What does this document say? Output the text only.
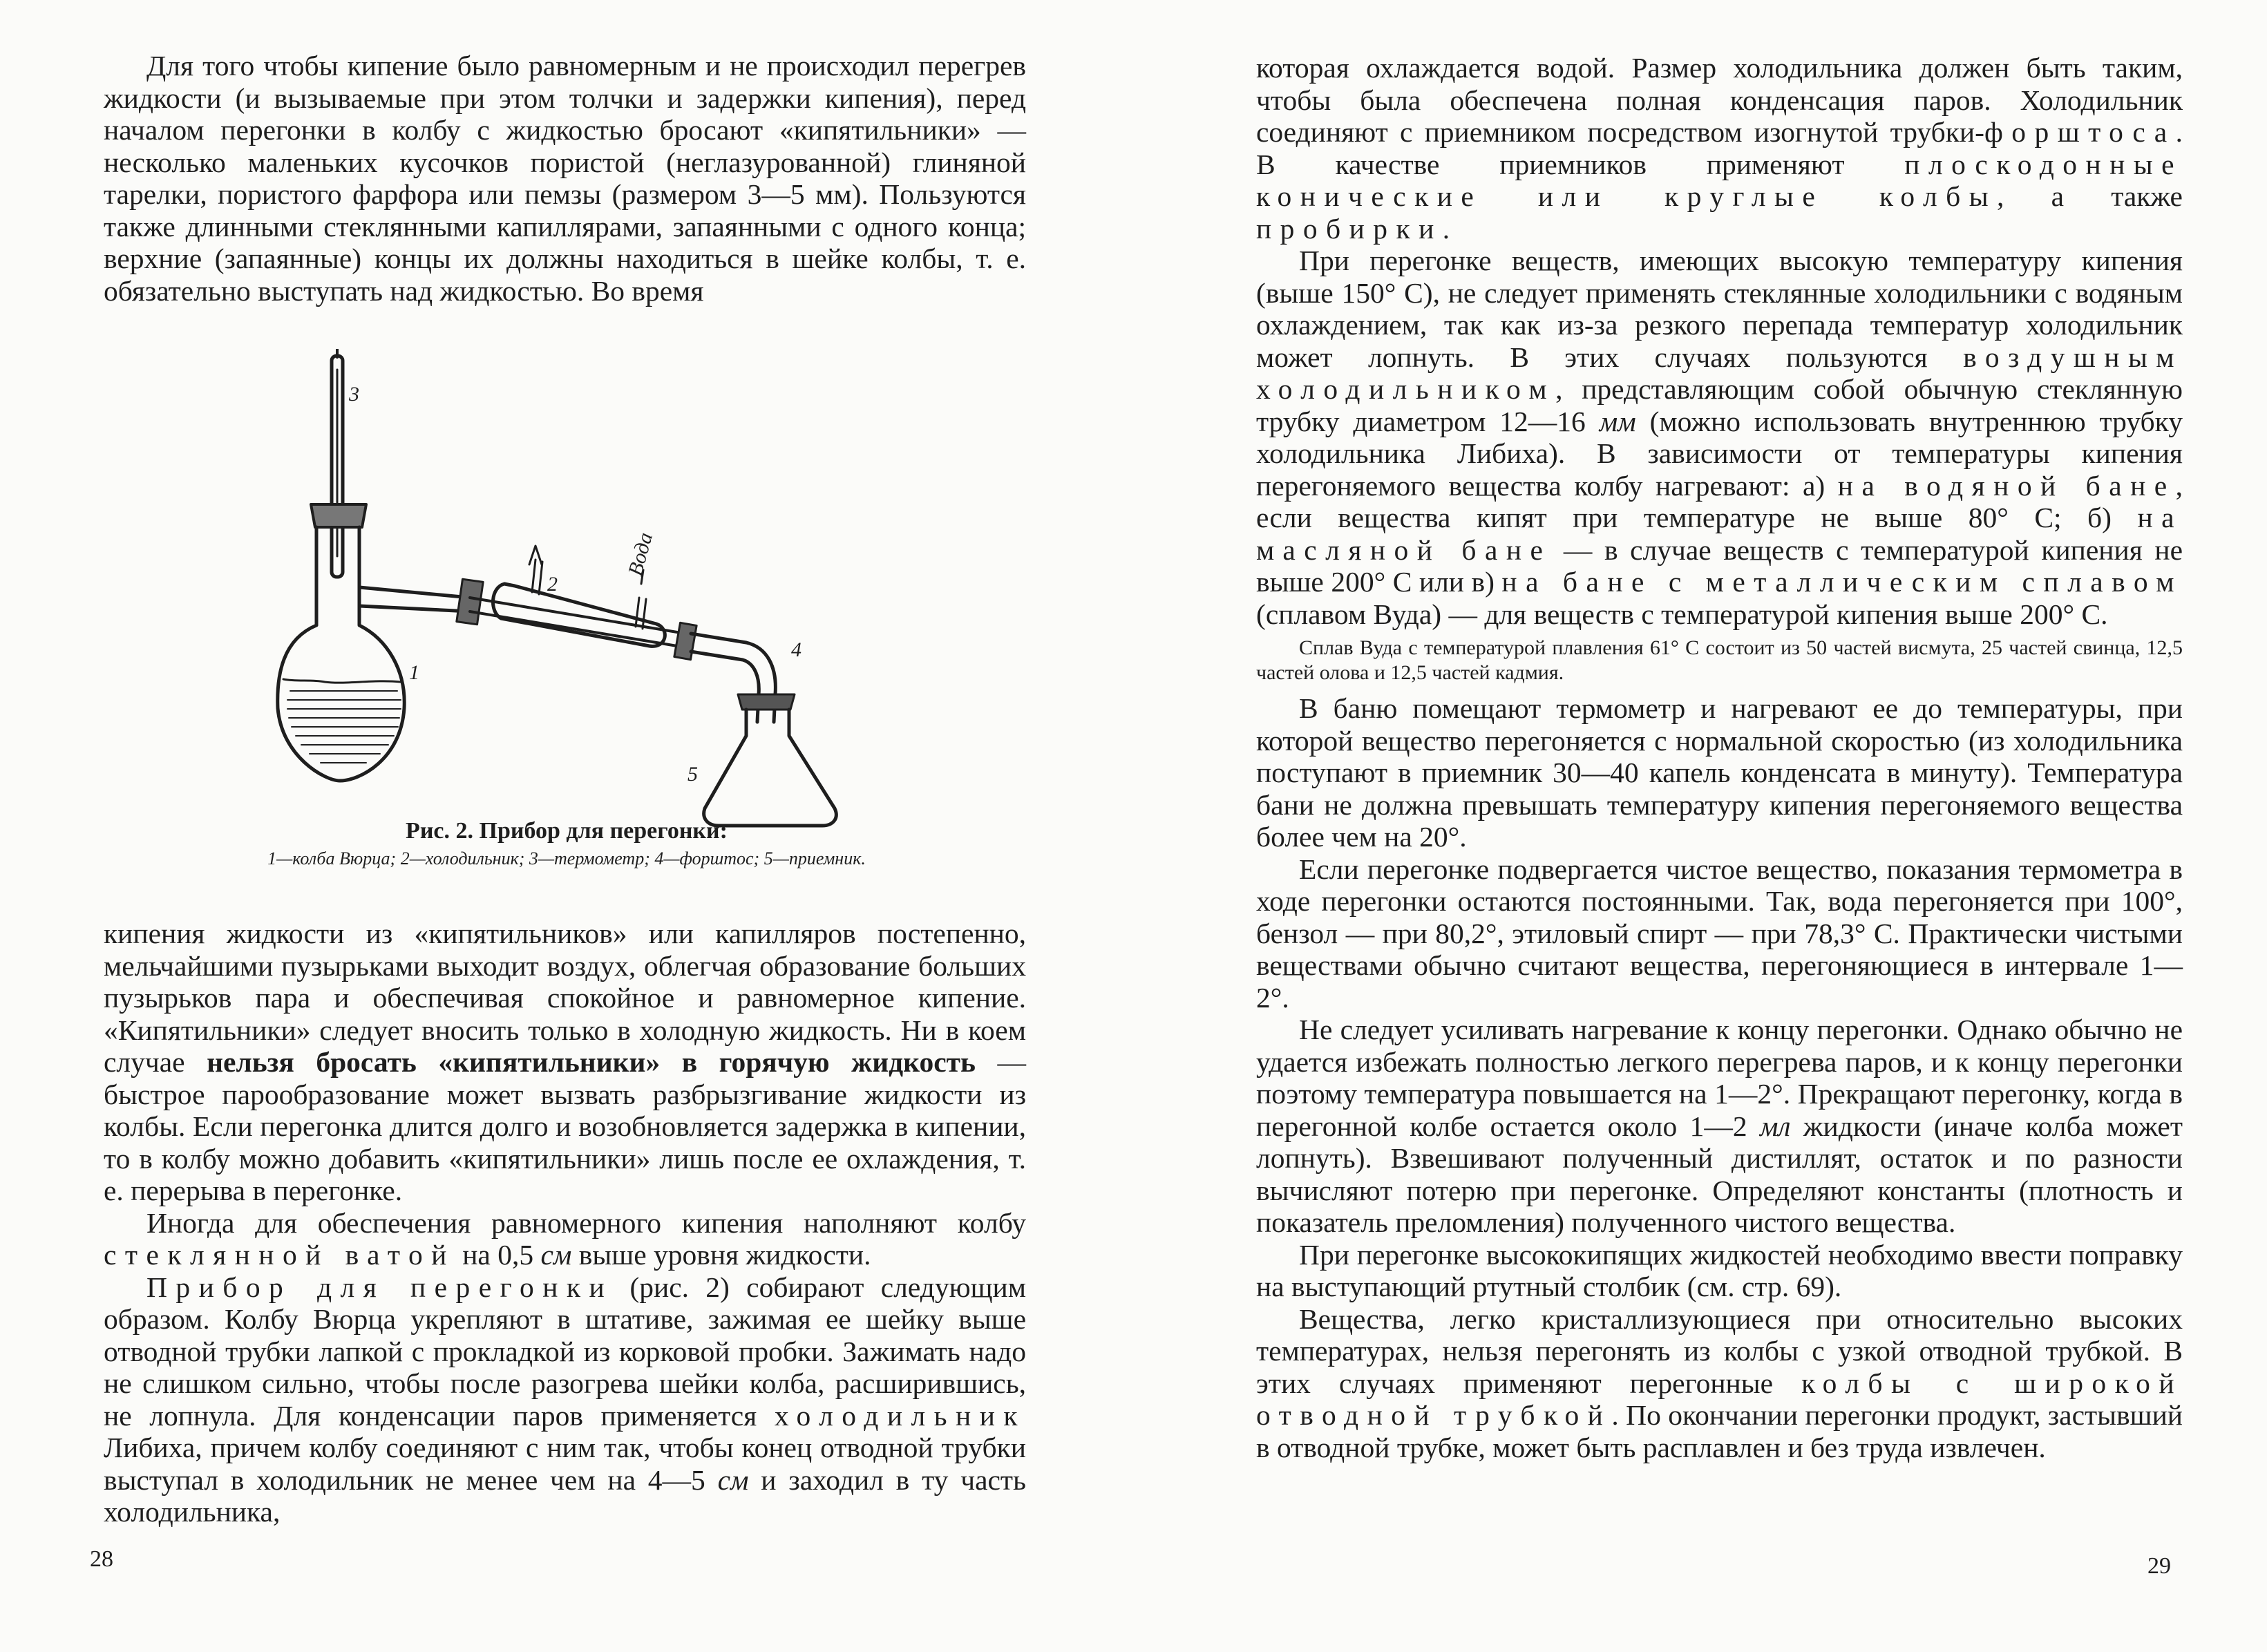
Для того чтобы кипение было равномерным и не происходил перегрев жидкости (и вызываемые при этом толчки и задержки кипения), перед началом перегонки в колбу с жидкостью бросают «кипятильники» — несколько маленьких кусочков пористой (неглазурованной) глиняной тарелки, пористого фарфора или пемзы (размером 3—5 мм). Пользуются также длинными стеклянными капиллярами, запаянными с одного конца; верхние (запаянные) концы их должны находиться в шейке колбы, т. е. обязательно выступать над жидкостью. Во время

3
1
2
4
5
Вода
Рис. 2. Прибор для перегонки:
1—колба Вюрца; 2—холодильник; 3—термометр; 4—форштос; 5—приемник.

кипения жидкости из «кипятильников» или капилляров постепенно, мельчайшими пузырьками выходит воздух, облегчая образование больших пузырьков пара и обеспечивая спокойное и равномерное кипение. «Кипятильники» следует вносить только в холодную жидкость. Ни в коем случае нельзя бросать «кипятильники» в горячую жидкость — быстрое парообразование может вызвать разбрызгивание жидкости из колбы. Если перегонка длится долго и возобновляется задержка в кипении, то в колбу можно добавить «кипятильники» лишь после ее охлаждения, т. е. перерыва в перегонке.

Иногда для обеспечения равномерного кипения наполняют колбу стеклянной ватой на 0,5 см выше уровня жидкости.

Прибор для перегонки (рис. 2) собирают следующим образом. Колбу Вюрца укрепляют в штативе, зажимая ее шейку выше отводной трубки лапкой с прокладкой из корковой пробки. Зажимать надо не слишком сильно, чтобы после разогрева шейки колба, расширившись, не лопнула. Для конденсации паров применяется холодильник Либиха, причем колбу соединяют с ним так, чтобы конец отводной трубки выступал в холодильник не менее чем на 4—5 см и заходил в ту часть холодильника,

28

которая охлаждается водой. Размер холодильника должен быть таким, чтобы была обеспечена полная конденсация паров. Холодильник соединяют с приемником посредством изогнутой трубки-форштоса. В качестве приемников применяют плоскодонные конические или круглые колбы, а также пробирки.

При перегонке веществ, имеющих высокую температуру кипения (выше 150° С), не следует применять стеклянные холодильники с водяным охлаждением, так как из-за резкого перепада температур холодильник может лопнуть. В этих случаях пользуются воздушным холодильником, представляющим собой обычную стеклянную трубку диаметром 12—16 мм (можно использовать внутреннюю трубку холодильника Либиха). В зависимости от температуры кипения перегоняемого вещества колбу нагревают: а) на водяной бане, если вещества кипят при температуре не выше 80° С; б) на масляной бане — в случае веществ с температурой кипения не выше 200° С или в) на бане с металлическим сплавом (сплавом Вуда) — для веществ с температурой кипения выше 200° С.

Сплав Вуда с температурой плавления 61° С состоит из 50 частей висмута, 25 частей свинца, 12,5 частей олова и 12,5 частей кадмия.

В баню помещают термометр и нагревают ее до температуры, при которой вещество перегоняется с нормальной скоростью (из холодильника поступают в приемник 30—40 капель конденсата в минуту). Температура бани не должна превышать температуру кипения перегоняемого вещества более чем на 20°.

Если перегонке подвергается чистое вещество, показания термометра в ходе перегонки остаются постоянными. Так, вода перегоняется при 100°, бензол — при 80,2°, этиловый спирт — при 78,3° С. Практически чистыми веществами обычно считают вещества, перегоняющиеся в интервале 1—2°.

Не следует усиливать нагревание к концу перегонки. Однако обычно не удается избежать полностью легкого перегрева паров, и к концу перегонки поэтому температура повышается на 1—2°. Прекращают перегонку, когда в перегонной колбе остается около 1—2 мл жидкости (иначе колба может лопнуть). Взвешивают полученный дистиллят, остаток и по разности вычисляют потерю при перегонке. Определяют константы (плотность и показатель преломления) полученного чистого вещества.

При перегонке высококипящих жидкостей необходимо ввести поправку на выступающий ртутный столбик (см. стр. 69).

Вещества, легко кристаллизующиеся при относительно высоких температурах, нельзя перегонять из колбы с узкой отводной трубкой. В этих случаях применяют перегонные колбы с широкой отводной трубкой. По окончании перегонки продукт, застывший в отводной трубке, может быть расплавлен и без труда извлечен.

29
